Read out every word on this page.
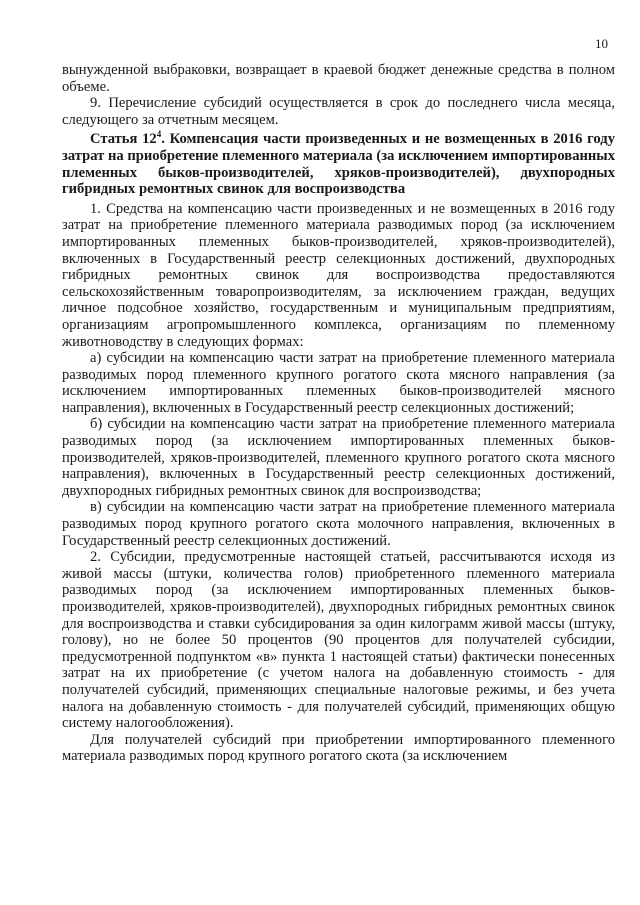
10

вынужденной выбраковки, возвращает в краевой бюджет денежные средства в полном объеме.

9. Перечисление субсидий осуществляется в срок до последнего числа месяца, следующего за отчетным месяцем.

Статья $12^4$. Компенсация части произведенных и не возмещенных в 2016 году затрат на приобретение племенного материала (за исключением импортированных племенных быков-производителей, хряков-производителей), двухпородных гибридных ремонтных свинок для воспроизводства

1. Средства на компенсацию части произведенных и не возмещенных в 2016 году затрат на приобретение племенного материала разводимых пород (за исключением импортированных племенных быков-производителей, хряков-производителей), включенных в Государственный реестр селекционных достижений, двухпородных гибридных ремонтных свинок для воспроизводства предоставляются сельскохозяйственным товаропроизводителям, за исключением граждан, ведущих личное подсобное хозяйство, государственным и муниципальным предприятиям, организациям агропромышленного комплекса, организациям по племенному животноводству в следующих формах:

а) субсидии на компенсацию части затрат на приобретение племенного материала разводимых пород племенного крупного рогатого скота мясного направления (за исключением импортированных племенных быков-производителей мясного направления), включенных в Государственный реестр селекционных достижений;

б) субсидии на компенсацию части затрат на приобретение племенного материала разводимых пород (за исключением импортированных племенных быков-производителей, хряков-производителей, племенного крупного рогатого скота мясного направления), включенных в Государственный реестр селекционных достижений, двухпородных гибридных ремонтных свинок для воспроизводства;

в) субсидии на компенсацию части затрат на приобретение племенного материала разводимых пород крупного рогатого скота молочного направления, включенных в Государственный реестр селекционных достижений.

2. Субсидии, предусмотренные настоящей статьей, рассчитываются исходя из живой массы (штуки, количества голов) приобретенного племенного материала разводимых пород (за исключением импортированных племенных быков-производителей, хряков-производителей), двухпородных гибридных ремонтных свинок для воспроизводства и ставки субсидирования за один килограмм живой массы (штуку, голову), но не более 50 процентов (90 процентов для получателей субсидии, предусмотренной подпунктом «в» пункта 1 настоящей статьи) фактически понесенных затрат на их приобретение (с учетом налога на добавленную стоимость - для получателей субсидий, применяющих специальные налоговые режимы, и без учета налога на добавленную стоимость - для получателей субсидий, применяющих общую систему налогообложения).

Для получателей субсидий при приобретении импортированного племенного материала разводимых пород крупного рогатого скота (за исключением
